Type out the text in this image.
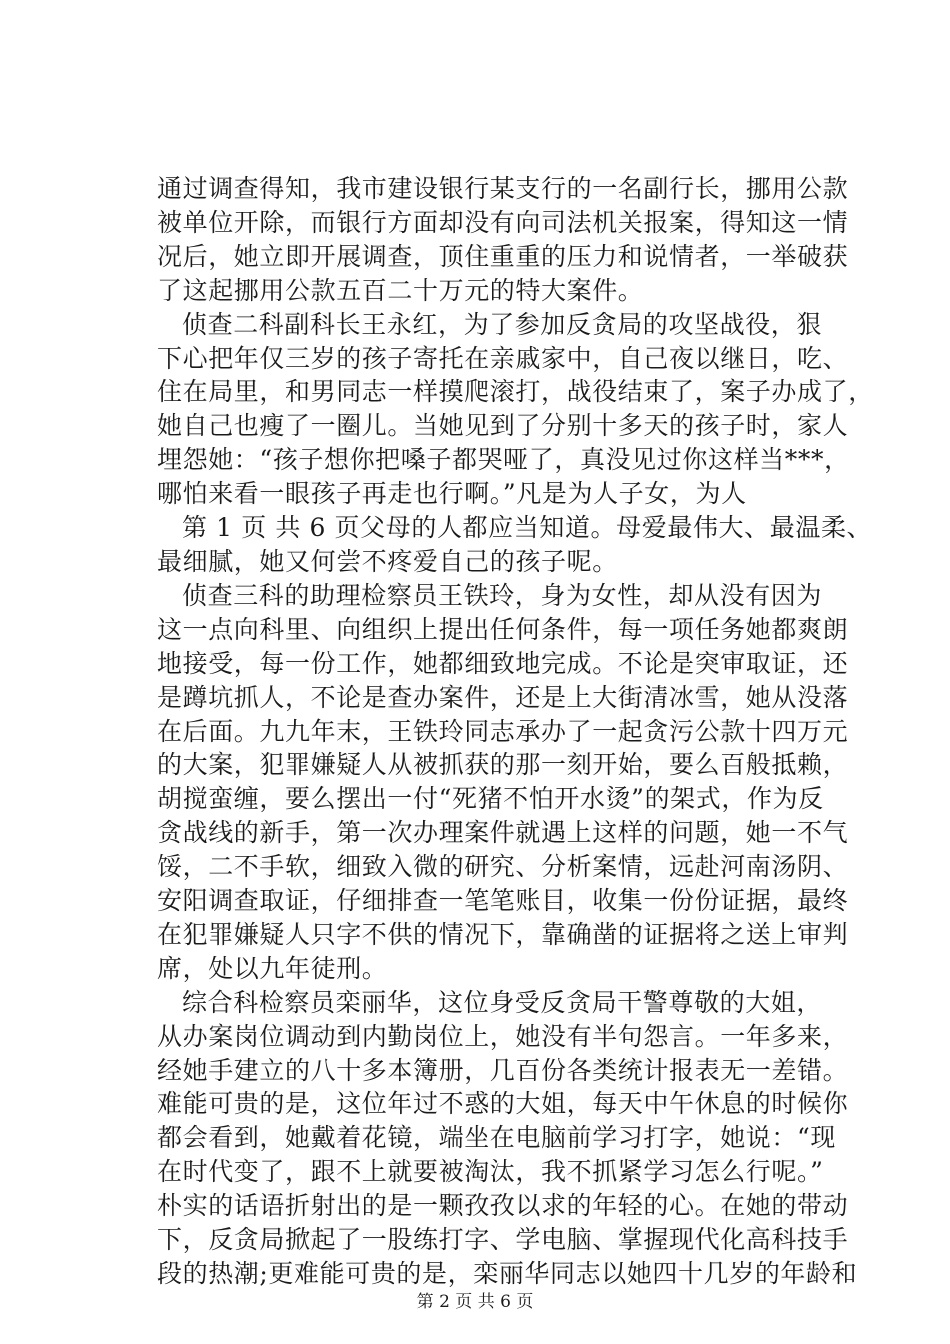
通过调查得知，我市建设银行某支行的一名副行长，挪用公款
被单位开除，而银行方面却没有向司法机关报案，得知这一情
况后，她立即开展调查，顶住重重的压力和说情者，一举破获
了这起挪用公款五百二十万元的特大案件。
侦查二科副科长王永红，为了参加反贪局的攻坚战役，狠
下心把年仅三岁的孩子寄托在亲戚家中，自己夜以继日，吃、
住在局里，和男同志一样摸爬滚打，战役结束了，案子办成了，
她自己也瘦了一圈儿。当她见到了分别十多天的孩子时，家人
埋怨她：“孩子想你把嗓子都哭哑了，真没见过你这样当***，
哪怕来看一眼孩子再走也行啊。”凡是为人子女，为人
第 1 页 共 6 页父母的人都应当知道。母爱最伟大、最温柔、
最细腻，她又何尝不疼爱自己的孩子呢。
侦查三科的助理检察员王铁玲，身为女性，却从没有因为
这一点向科里、向组织上提出任何条件，每一项任务她都爽朗
地接受，每一份工作，她都细致地完成。不论是突审取证，还
是蹲坑抓人，不论是查办案件，还是上大街清冰雪，她从没落
在后面。九九年末，王铁玲同志承办了一起贪污公款十四万元
的大案，犯罪嫌疑人从被抓获的那一刻开始，要么百般抵赖，
胡搅蛮缠，要么摆出一付“死猪不怕开水烫”的架式，作为反
贪战线的新手，第一次办理案件就遇上这样的问题，她一不气
馁，二不手软，细致入微的研究、分析案情，远赴河南汤阴、
安阳调查取证，仔细排查一笔笔账目，收集一份份证据，最终
在犯罪嫌疑人只字不供的情况下，靠确凿的证据将之送上审判
席，处以九年徒刑。
综合科检察员栾丽华，这位身受反贪局干警尊敬的大姐，
从办案岗位调动到内勤岗位上，她没有半句怨言。一年多来，
经她手建立的八十多本簿册，几百份各类统计报表无一差错。
难能可贵的是，这位年过不惑的大姐，每天中午休息的时候你
都会看到，她戴着花镜，端坐在电脑前学习打字，她说：“现
在时代变了，跟不上就要被淘汰，我不抓紧学习怎么行呢。”
朴实的话语折射出的是一颗孜孜以求的年轻的心。在她的带动
下，反贪局掀起了一股练打字、学电脑、掌握现代化高科技手
段的热潮;更难能可贵的是，栾丽华同志以她四十几岁的年龄和
第 2 页 共 6 页
